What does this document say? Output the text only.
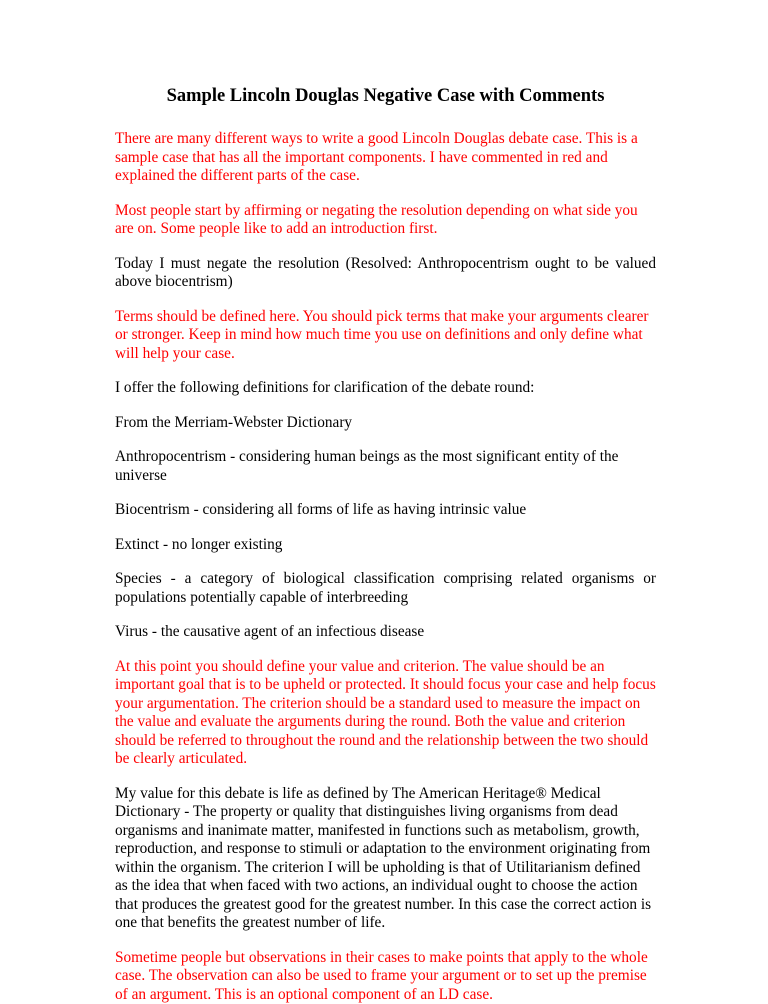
Sample Lincoln Douglas Negative Case with Comments

There are many different ways to write a good Lincoln Douglas debate case. This is a sample case that has all the important components. I have commented in red and explained the different parts of the case.

Most people start by affirming or negating the resolution depending on what side you are on. Some people like to add an introduction first.

Today I must negate the resolution (Resolved: Anthropocentrism ought to be valued above biocentrism)

Terms should be defined here. You should pick terms that make your arguments clearer or stronger. Keep in mind how much time you use on definitions and only define what will help your case.

I offer the following definitions for clarification of the debate round:

From the Merriam-Webster Dictionary

Anthropocentrism - considering human beings as the most significant entity of the universe

Biocentrism - considering all forms of life as having intrinsic value

Extinct - no longer existing

Species - a category of biological classification comprising related organisms or populations potentially capable of interbreeding

Virus - the causative agent of an infectious disease

At this point you should define your value and criterion. The value should be an important goal that is to be upheld or protected. It should focus your case and help focus your argumentation. The criterion should be a standard used to measure the impact on the value and evaluate the arguments during the round. Both the value and criterion should be referred to throughout the round and the relationship between the two should be clearly articulated.

My value for this debate is life as defined by The American Heritage® Medical Dictionary - The property or quality that distinguishes living organisms from dead organisms and inanimate matter, manifested in functions such as metabolism, growth, reproduction, and response to stimuli or adaptation to the environment originating from within the organism. The criterion I will be upholding is that of Utilitarianism defined as the idea that when faced with two actions, an individual ought to choose the action that produces the greatest good for the greatest number. In this case the correct action is one that benefits the greatest number of life.

Sometime people but observations in their cases to make points that apply to the whole case. The observation can also be used to frame your argument or to set up the premise of an argument. This is an optional component of an LD case.
